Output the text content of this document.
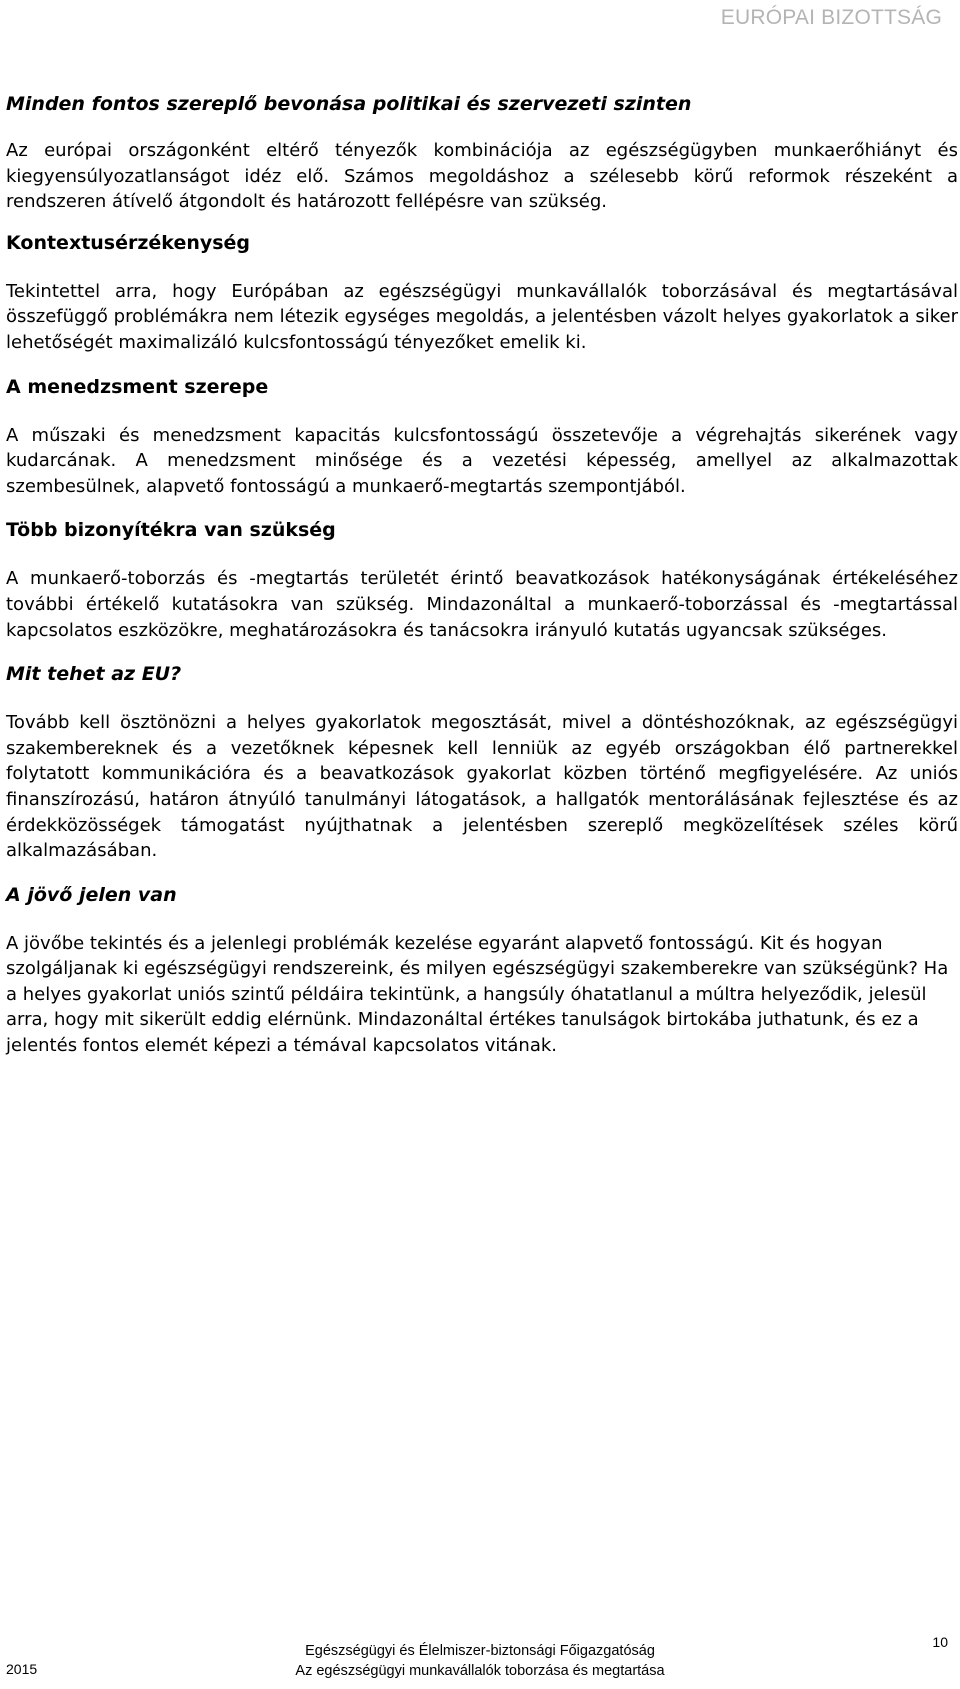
EURÓPAI BIZOTTSÁG
Minden fontos szereplő bevonása politikai és szervezeti szinten

Az európai országonként eltérő tényezők kombinációja az egészségügyben munkaerőhiányt és kiegyensúlyozatlanságot idéz elő. Számos megoldáshoz a szélesebb körű reformok részeként a rendszeren átívelő átgondolt és határozott fellépésre van szükség.

Kontextusérzékenység

Tekintettel arra, hogy Európában az egészségügyi munkavállalók toborzásával és megtartásával összefüggő problémákra nem létezik egységes megoldás, a jelentésben vázolt helyes gyakorlatok a siker lehetőségét maximalizáló kulcsfontosságú tényezőket emelik ki.

A menedzsment szerepe

A műszaki és menedzsment kapacitás kulcsfontosságú összetevője a végrehajtás sikerének vagy kudarcának. A menedzsment minősége és a vezetési képesség, amellyel az alkalmazottak szembesülnek, alapvető fontosságú a munkaerő-megtartás szempontjából.

Több bizonyítékra van szükség

A munkaerő-toborzás és -megtartás területét érintő beavatkozások hatékonyságának értékeléséhez további értékelő kutatásokra van szükség. Mindazonáltal a munkaerő-toborzással és -megtartással kapcsolatos eszközökre, meghatározásokra és tanácsokra irányuló kutatás ugyancsak szükséges.

Mit tehet az EU?

Tovább kell ösztönözni a helyes gyakorlatok megosztását, mivel a döntéshozóknak, az egészségügyi szakembereknek és a vezetőknek képesnek kell lenniük az egyéb országokban élő partnerekkel folytatott kommunikációra és a beavatkozások gyakorlat közben történő megfigyelésére. Az uniós finanszírozású, határon átnyúló tanulmányi látogatások, a hallgatók mentorálásának fejlesztése és az érdekközösségek támogatást nyújthatnak a jelentésben szereplő megközelítések széles körű alkalmazásában.

A jövő jelen van

A jövőbe tekintés és a jelenlegi problémák kezelése egyaránt alapvető fontosságú. Kit és hogyan szolgáljanak ki egészségügyi rendszereink, és milyen egészségügyi szakemberekre van szükségünk? Ha a helyes gyakorlat uniós szintű példáira tekintünk, a hangsúly óhatatlanul a múltra helyeződik, jelesül arra, hogy mit sikerült eddig elérnünk. Mindazonáltal értékes tanulságok birtokába juthatunk, és ez a jelentés fontos elemét képezi a témával kapcsolatos vitának.

10
2015
Egészségügyi és Élelmiszer-biztonsági Főigazgatóság
Az egészségügyi munkavállalók toborzása és megtartása
